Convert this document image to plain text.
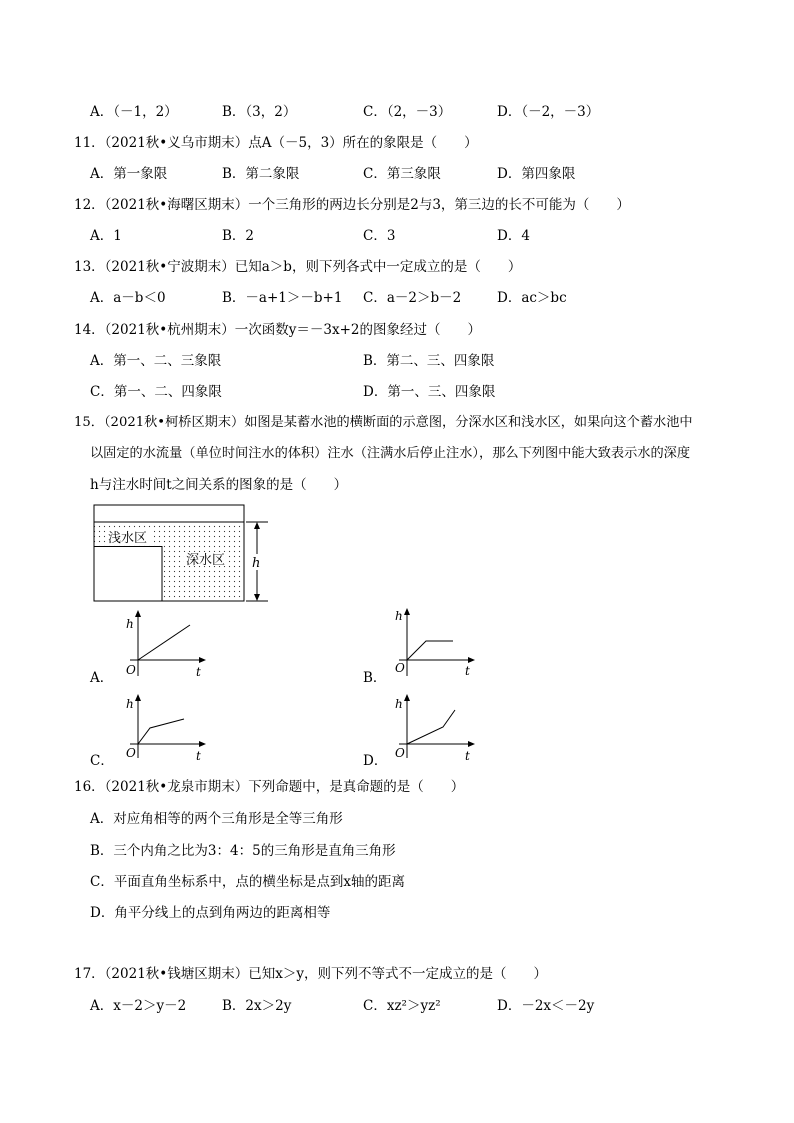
A．（－1，2）	B．（3，2）	C．（2，－3）	D．（－2，－3）
11．（2021秋•义乌市期末）点A（－5，3）所在的象限是（　　）
A．第一象限	B．第二象限	C．第三象限	D．第四象限
12．（2021秋•海曙区期末）一个三角形的两边长分别是2与3，第三边的长不可能为（　　）
A．1	B．2	C．3	D．4
13．（2021秋•宁波期末）已知a＞b，则下列各式中一定成立的是（　　）
A．a－b＜0	B．－a+1＞－b+1 C．a－2＞b－2	D．ac＞bc
14．（2021秋•杭州期末）一次函数y＝－3x+2的图象经过（　　）
A．第一、二、三象限	B．第二、三、四象限
C．第一、二、四象限	D．第一、三、四象限
15．（2021秋•柯桥区期末）如图是某蓄水池的横断面的示意图，分深水区和浅水区，如果向这个蓄水池中
以固定的水流量（单位时间注水的体积）注水（注满水后停止注水），那么下列图中能大致表示水的深度
h与注水时间t之间关系的图象的是（　　）
浅水区
深水区 h
A．
h
O	t	B．
h
O	t
C．
h
O	t	D．
h
O	t
16．（2021秋•龙泉市期末）下列命题中，是真命题的是（　　）
A．对应角相等的两个三角形是全等三角形
B．三个内角之比为3：4：5的三角形是直角三角形
C．平面直角坐标系中，点的横坐标是点到x轴的距离
D．角平分线上的点到角两边的距离相等
17．（2021秋•钱塘区期末）已知x＞y，则下列不等式不一定成立的是（　　）
A．x－2＞y－2	B．2x＞2y	C．xz²＞yz²	D．－2x＜－2y
